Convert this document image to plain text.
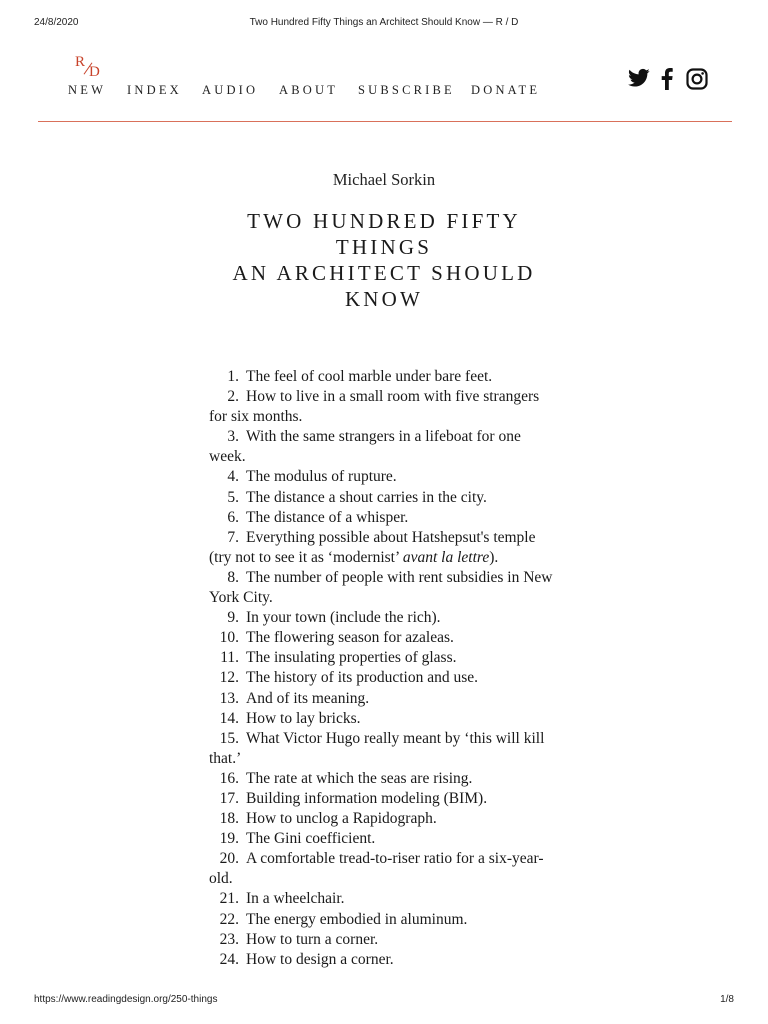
24/8/2020	Two Hundred Fifty Things an Architect Should Know — R / D
R
D
NEW INDEX AUDIO ABOUT SUBSCRIBE DONATE
Michael Sorkin
TWO HUNDRED FIFTY
THINGS
AN ARCHITECT SHOULD
KNOW
1. The feel of cool marble under bare feet.
2. How to live in a small room with five strangers for six months.
3. With the same strangers in a lifeboat for one week.
4. The modulus of rupture.
5. The distance a shout carries in the city.
6. The distance of a whisper.
7. Everything possible about Hatshepsut's temple (try not to see it as ‘modernist’ avant la lettre).
8. The number of people with rent subsidies in New York City.
9. In your town (include the rich).
10. The flowering season for azaleas.
11. The insulating properties of glass.
12. The history of its production and use.
13. And of its meaning.
14. How to lay bricks.
15. What Victor Hugo really meant by ‘this will kill that.’
16. The rate at which the seas are rising.
17. Building information modeling (BIM).
18. How to unclog a Rapidograph.
19. The Gini coefficient.
20. A comfortable tread-to-riser ratio for a six-year-old.
21. In a wheelchair.
22. The energy embodied in aluminum.
23. How to turn a corner.
24. How to design a corner.
https://www.readingdesign.org/250-things	1/8
